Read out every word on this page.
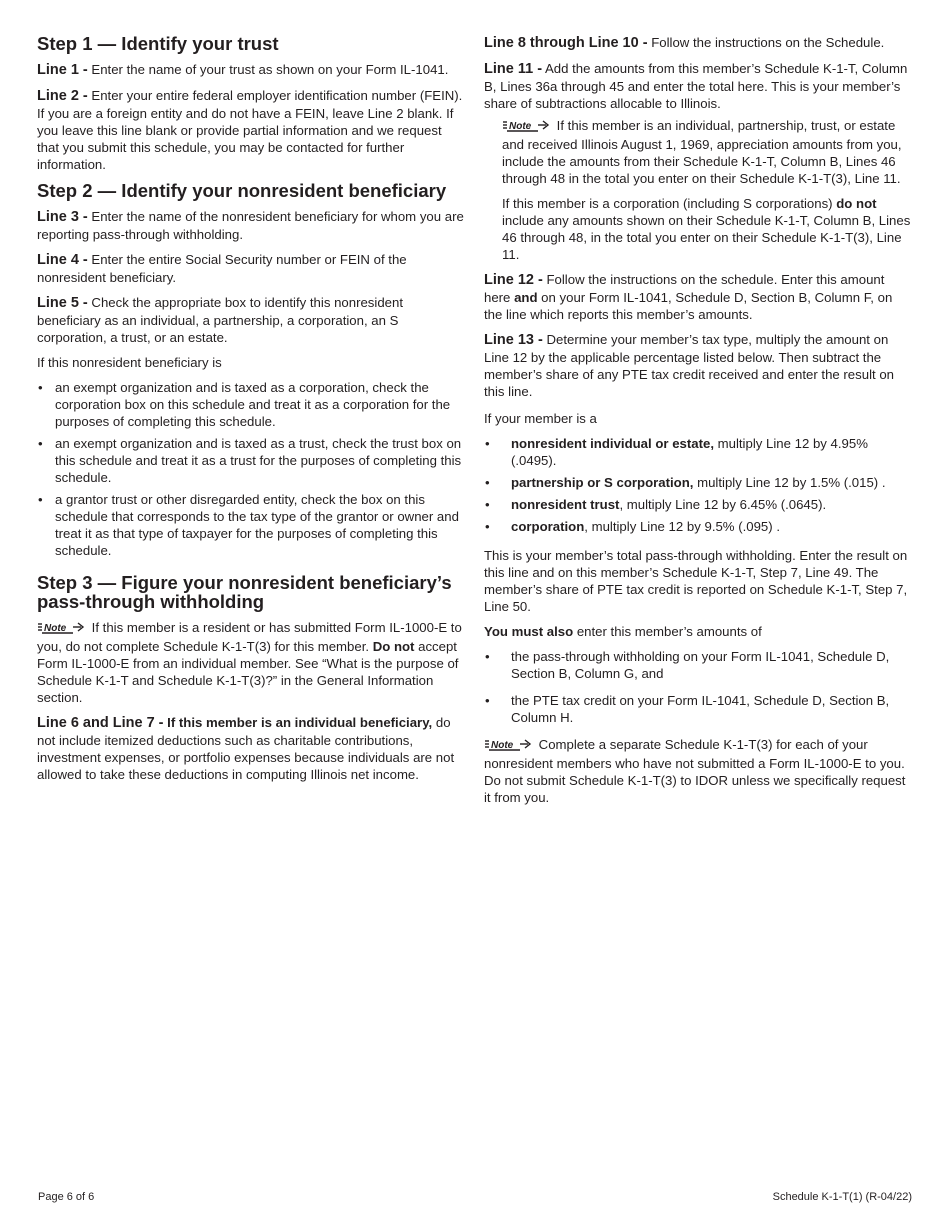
Step 1 — Identify your trust

Line 1 - Enter the name of your trust as shown on your Form IL-1041.

Line 2 - Enter your entire federal employer identification number (FEIN). If you are a foreign entity and do not have a FEIN, leave Line 2 blank. If you leave this line blank or provide partial information and we request that you submit this schedule, you may be contacted for further information.

Step 2 — Identify your nonresident beneficiary

Line 3 - Enter the name of the nonresident beneficiary for whom you are reporting pass-through withholding.

Line 4 - Enter the entire Social Security number or FEIN of the nonresident beneficiary.

Line 5 - Check the appropriate box to identify this nonresident beneficiary as an individual, a partnership, a corporation, an S corporation, a trust, or an estate.

If this nonresident beneficiary is

• an exempt organization and is taxed as a corporation, check the corporation box on this schedule and treat it as a corporation for the purposes of completing this schedule.
• an exempt organization and is taxed as a trust, check the trust box on this schedule and treat it as a trust for the purposes of completing this schedule.
• a grantor trust or other disregarded entity, check the box on this schedule that corresponds to the tax type of the grantor or owner and treat it as that type of taxpayer for the purposes of completing this schedule.
Step 3 — Figure your nonresident beneficiary’s
pass-through withholding

Note If this member is a resident or has submitted Form IL-1000-E to you, do not complete Schedule K-1-T(3) for this member. Do not accept Form IL-1000-E from an individual member. See “What is the purpose of Schedule K-1-T and Schedule K-1-T(3)?” in the General Information section.

Line 6 and Line 7 - If this member is an individual beneficiary, do not include itemized deductions such as charitable contributions, investment expenses, or portfolio expenses because individuals are not allowed to take these deductions in computing Illinois net income.

Line 8 through Line 10 - Follow the instructions on the Schedule.

Line 11 - Add the amounts from this member’s Schedule K-1-T, Column B, Lines 36a through 45 and enter the total here. This is your member’s share of subtractions allocable to Illinois.

Note If this member is an individual, partnership, trust, or estate and received Illinois August 1, 1969, appreciation amounts from you, include the amounts from their Schedule K-1-T, Column B, Lines 46 through 48 in the total you enter on their Schedule K-1-T(3), Line 11.

If this member is a corporation (including S corporations) do not include any amounts shown on their Schedule K-1-T, Column B, Lines 46 through 48, in the total you enter on their Schedule K-1-T(3), Line 11.

Line 12 - Follow the instructions on the schedule. Enter this amount here and on your Form IL-1041, Schedule D, Section B, Column F, on the line which reports this member’s amounts.

Line 13 - Determine your member’s tax type, multiply the amount on Line 12 by the applicable percentage listed below. Then subtract the member’s share of any PTE tax credit received and enter the result on this line.

If your member is a

• nonresident individual or estate, multiply Line 12 by 4.95% (.0495).
• partnership or S corporation, multiply Line 12 by 1.5% (.015) .
• nonresident trust, multiply Line 12 by 6.45% (.0645).
• corporation, multiply Line 12 by 9.5% (.095) .

This is your member’s total pass-through withholding. Enter the result on this line and on this member’s Schedule K-1-T, Step 7, Line 49. The member’s share of PTE tax credit is reported on Schedule K-1-T, Step 7, Line 50.

You must also enter this member’s amounts of

• the pass-through withholding on your Form IL-1041, Schedule D, Section B, Column G, and
• the PTE tax credit on your Form IL-1041, Schedule D, Section B, Column H.

Note Complete a separate Schedule K-1-T(3) for each of your nonresident members who have not submitted a Form IL-1000-E to you. Do not submit Schedule K-1-T(3) to IDOR unless we specifically request it from you.

Page 6 of 6	Schedule K-1-T(1) (R-04/22)
